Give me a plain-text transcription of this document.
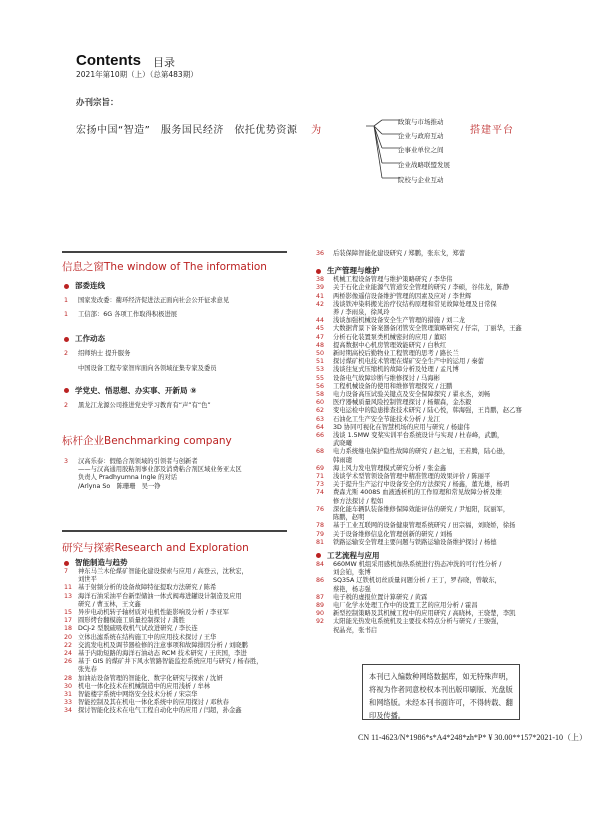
Contents 目录
2021年第10期（上）（总第483期）
办刊宗旨：
宏扬中国“智造”　服务国民经济　依托优势资源 为	搭建平台
政策与市场推动
企业与政府互动
企事业单位之间
企业战略联盟发展
院校与企业互动
信息之窗The window of The information
部委连线
1 国家发改委：衢环经济促进法正面向社会公开征求意见
1 工信部：6G 各项工作取得积极进展
工作动态
2 绍师纳士 提升服务
中国设备工程专家智库面向各领域征集专家及委员
学党史、悟思想、办实事、开新局 ⑨
2 黑龙江龙源公司推进党史学习教育有“声”有“色”
标杆企业Benchmarking company
3 汉高乐泰：假船合剂领域的引领者与创新者
——与汉高通用胶粘剂事业部及消费粘合剂区域业务亚太区
负责人 Pradhyumna Ingle 的对话
/Arlyna So　陈珊珊　吴一铮
研究与探索Research and Exploration
智能制造与趋势
7 神东马兰木伦煤矿智能化建设探索与应用 / 高登云，沈秋宏，
刘世平
11 基于射频分析的设备故障特征提取方法研究 / 陈希
13 海洋石油采油平台新型储油一体式阀毒进罐设计制造及应用
研究 / 曹玉林，王文鑫
15 异步电动机转子轴材质对电机性能影响及分析 / 李亚军
17 圆形烤台翻模施工质量控制探讨 / 龚胜
18 DCJ-2 型脱硫吸收机气试改进研究 / 李长连
20 立体出滤系统在结构施工中的应用技术探讨 / 王华
22 交流发电机及调节器检修的注意事项和故障排因分析 / 刘晓鹏
24 基于内助短路的海洋石油动态 RCM 技术研究 / 王庆国，李进
26 基于 GIS 的煤矿井下风水管路智能监控系统应用与研究 / 杨春胜，
张先春
28 加油站设备管理的智能化、数字化研究与探索 / 沈妍
30 机电一体化技术在机械制造中的应用浅析 / 牟林
31 智能楼宇系统中网络安全技术分析 / 宋宗华
33 智能控制及其在机电一体化系统中的应用探讨 / 邓秋春
34 探讨智能化技术在电气工程自动化中的应用 / 闫超，孙金鑫
36 后装保障智能化建设研究 / 郑鹏，张东戈，郑蕾
生产管理与维护
38 机械工程设备管理与维护策略研究 / 李华伟
39 关于石化企业能源气管道安全管理的研究 / 李硕，谷伟龙，陈静
41 两桥影像遥信设备维护管理的因素及应对 / 李世辉
42 浅谈铁冲染料搬光治疗仪结构原理和常见故障处理及日常保
养 / 李雨泉，徐风玲
44 浅谈加强机械设备安全生产管理的措施 / 刘二龙
45 大数据背景下备案器备闭管安全管理策略研究 / 仔宗，丁丽华，王鑫
47 分析石化装置泵类机械密封的应用 / 董昭
48 提高数据中心机房管理效能研究 / 白秋红
50 新时期高校后勤物业工程管理的思考 / 路长兰
51 探讨煤矿机电技术管理在煤矿安全生产中的运用 / 秦蕾
53 浅谈往复式压缩机的故障分析及处理 / 孟凡博
55 设备电气故障诊断与维修探讨 / 马海彬
56 工程机械设备的使用和维修管理探究 / 汪鹏
58 电力设备高压试验关键点及安全保障探究 / 翟永杰，刘畅
60 医疗器械质量风险控制管理探讨 / 杨耀森，金杰毅
62 变电运检中的隐患排查技术研究 / 陆心悦，韩海强，王肖鹏，赵乙骞
63 石油化工生产安全节能技术分析 / 龙江
64 3D 协同可视化在智慧机场的应用与研究 / 杨建伟
66 浅谈 1.5MW 变桨实训平台系统设计与实现 / 杜春峰，武鹏，
武晓曦
68 电力系统继电保护隐性故障的研究 / 赵之旭，王若腾，陆心逊，
韩雨璁
69 海上风力发电管理模式研究分析 / 张金鑫
71 浅谈学术型管领设备管理中精准管理的效果评价 / 陈丽平
73 关于提升生产运行中设备安全的方法探究 / 杨鑫，董光雄，杨玥
74 费森尤斯 4008S 血液透析机的工作原理和常见故障分析及维
修方法探讨 / 程如
76 深化能车辆队装备维修保障效能评估的研究 / 尹旭阳，阮丽军，
陈鹏，赵明
78 基于工业互联网的设备健康管理系统研究 / 田宗福，刘晓娇，徐扬
79 关于设备维修信息化管理创新的研究 / 刘杨
81 铁路运输安全管理主要问题与铁路运输设备维护探讨 / 杨德
工艺流程与应用
84 660MW 机组采用感机加热系统进行热态冲洗的可行性分析 /
刘会铂，张博
86 SQ35A 辽铁机切丝质量问题分析 / 王丁，罗春晓，曾敏东，
蔡艳，杨志强
87 电子税的虚报位置计算研究 / 黄霖
89 电厂化学水处理工作中的设置工艺的应用分析 / 霍昌
90 新型控制策略及其机械工程中的应用研究 / 高晓林，王骁楚，李凯
92 太阳能光热发电系统机及主要技术特点分析与研究 / 王骏强，
祝晶亮，张书启
本刊已入编数种网络数据库，如无特殊声明，将视为作者同意校权本刊出版印刷版、光盘版和网络版。未经本刊书面许可，不得转载、翻印及传播。
CN 11-4623/N*1986*s*A4*248*zh*P* ¥ 30.00**157*2021-10（上）
